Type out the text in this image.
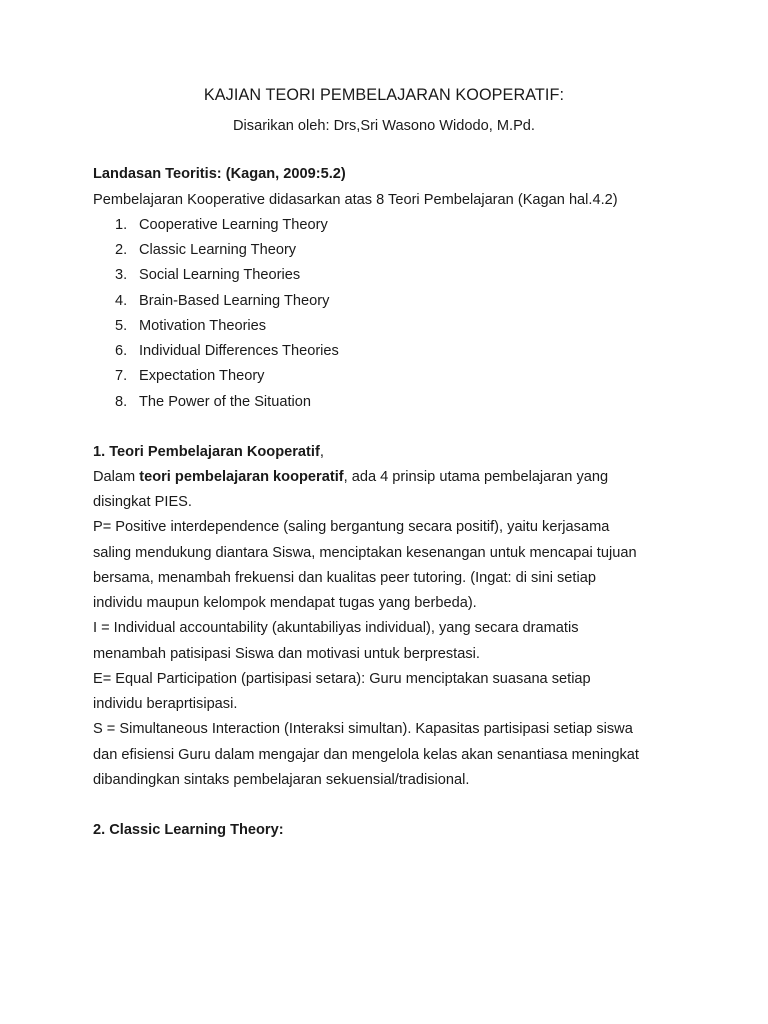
KAJIAN TEORI PEMBELAJARAN KOOPERATIF:
Disarikan oleh: Drs,Sri Wasono Widodo, M.Pd.
Landasan Teoritis: (Kagan, 2009:5.2)
Pembelajaran Kooperative didasarkan atas 8 Teori Pembelajaran (Kagan hal.4.2)
1. Cooperative Learning Theory
2. Classic Learning Theory
3. Social Learning Theories
4. Brain-Based Learning Theory
5. Motivation Theories
6. Individual Differences Theories
7. Expectation Theory
8. The Power of the Situation
1. Teori Pembelajaran Kooperatif,
Dalam teori pembelajaran kooperatif, ada 4 prinsip utama pembelajaran yang
disingkat PIES.
P= Positive interdependence (saling bergantung secara positif), yaitu kerjasama
saling mendukung diantara Siswa, menciptakan kesenangan untuk mencapai tujuan
bersama, menambah frekuensi dan kualitas peer tutoring. (Ingat: di sini setiap
individu maupun kelompok mendapat tugas yang berbeda).
I = Individual accountability (akuntabiliyas individual), yang secara dramatis
menambah patisipasi Siswa dan motivasi untuk berprestasi.
E= Equal Participation (partisipasi setara): Guru menciptakan suasana setiap
individu beraprtisipasi.
S = Simultaneous Interaction (Interaksi simultan). Kapasitas partisipasi setiap siswa
dan efisiensi Guru dalam mengajar dan mengelola kelas akan senantiasa meningkat
dibandingkan sintaks pembelajaran sekuensial/tradisional.
2. Classic Learning Theory:
